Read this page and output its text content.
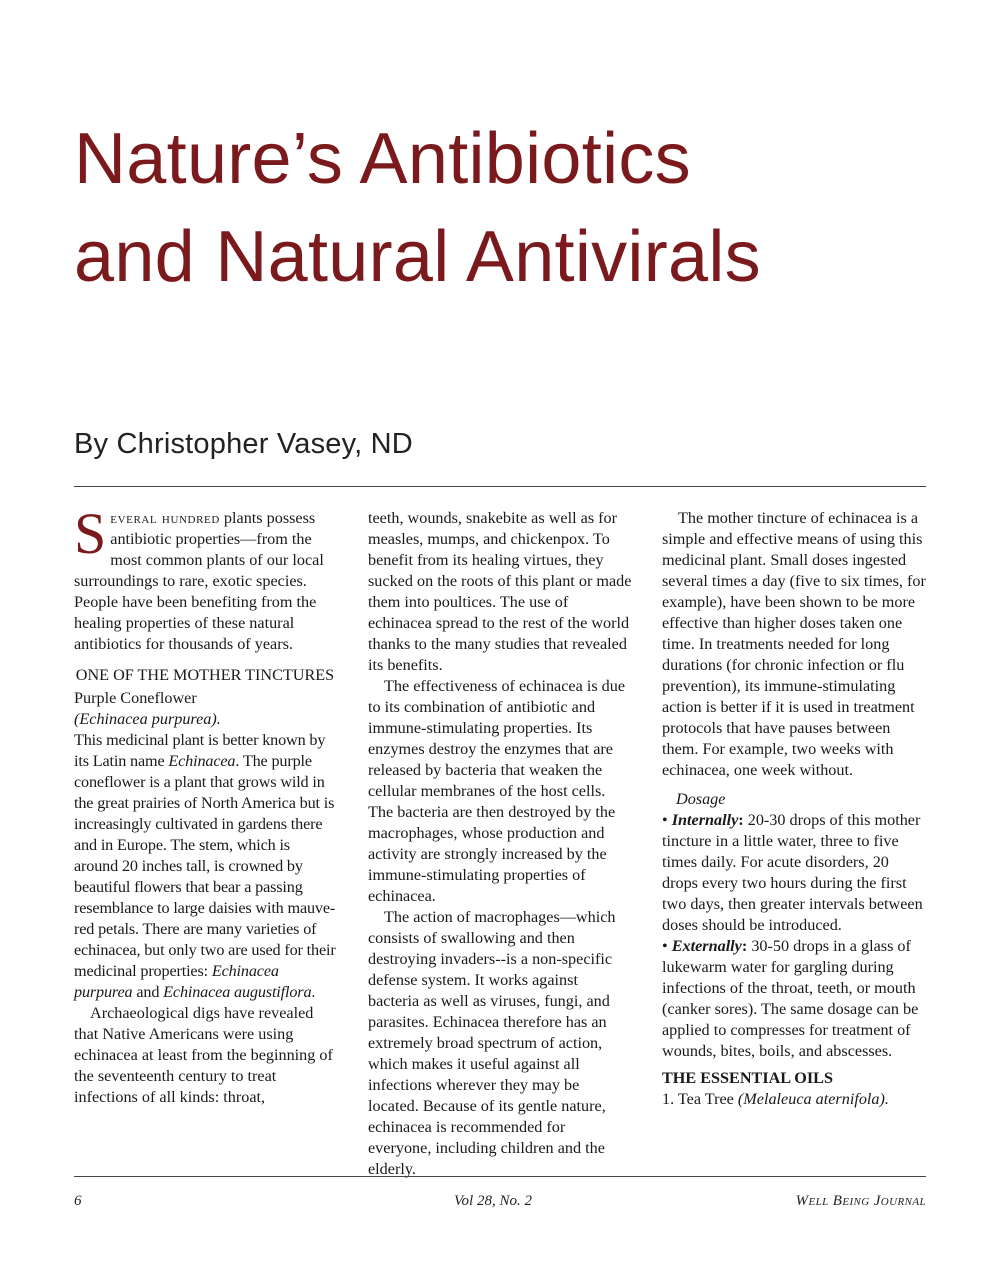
Nature’s Antibiotics
and Natural Antivirals
By Christopher Vasey, ND

Several hundred plants possess antibiotic properties—from the most common plants of our local surroundings to rare, exotic species. People have been benefiting from the healing properties of these natural antibiotics for thousands of years.

ONE OF THE MOTHER TINCTURES

Purple Coneflower
(Echinacea purpurea).

This medicinal plant is better known by its Latin name Echinacea. The purple coneflower is a plant that grows wild in the great prairies of North America but is increasingly cultivated in gardens there and in Europe. The stem, which is around 20 inches tall, is crowned by beautiful flowers that bear a passing resemblance to large daisies with mauve-red petals. There are many varieties of echinacea, but only two are used for their medicinal properties: Echinacea purpurea and Echinacea augustiflora.

Archaeological digs have revealed that Native Americans were using echinacea at least from the beginning of the seventeenth century to treat infections of all kinds: throat,

teeth, wounds, snakebite as well as for measles, mumps, and chickenpox. To benefit from its healing virtues, they sucked on the roots of this plant or made them into poultices. The use of echinacea spread to the rest of the world thanks to the many studies that revealed its benefits.

The effectiveness of echinacea is due to its combination of antibiotic and immune-stimulating properties. Its enzymes destroy the enzymes that are released by bacteria that weaken the cellular membranes of the host cells. The bacteria are then destroyed by the macrophages, whose production and activity are strongly increased by the immune-stimulating properties of echinacea.

The action of macrophages—which consists of swallowing and then destroying invaders--is a non-specific defense system. It works against bacteria as well as viruses, fungi, and parasites. Echinacea therefore has an extremely broad spectrum of action, which makes it useful against all infections wherever they may be located. Because of its gentle nature, echinacea is recommended for everyone, including children and the elderly.

The mother tincture of echinacea is a simple and effective means of using this medicinal plant. Small doses ingested several times a day (five to six times, for example), have been shown to be more effective than higher doses taken one time. In treatments needed for long durations (for chronic infection or flu prevention), its immune-stimulating action is better if it is used in treatment protocols that have pauses between them. For example, two weeks with echinacea, one week without.

Dosage

• Internally: 20-30 drops of this mother tincture in a little water, three to five times daily. For acute disorders, 20 drops every two hours during the first two days, then greater intervals between doses should be introduced.

• Externally: 30-50 drops in a glass of lukewarm water for gargling during infections of the throat, teeth, or mouth (canker sores). The same dosage can be applied to compresses for treatment of wounds, bites, boils, and abscesses.

THE ESSENTIAL OILS

1. Tea Tree (Melaleuca aternifola).

6	Vol 28, No. 2	Well Being Journal
